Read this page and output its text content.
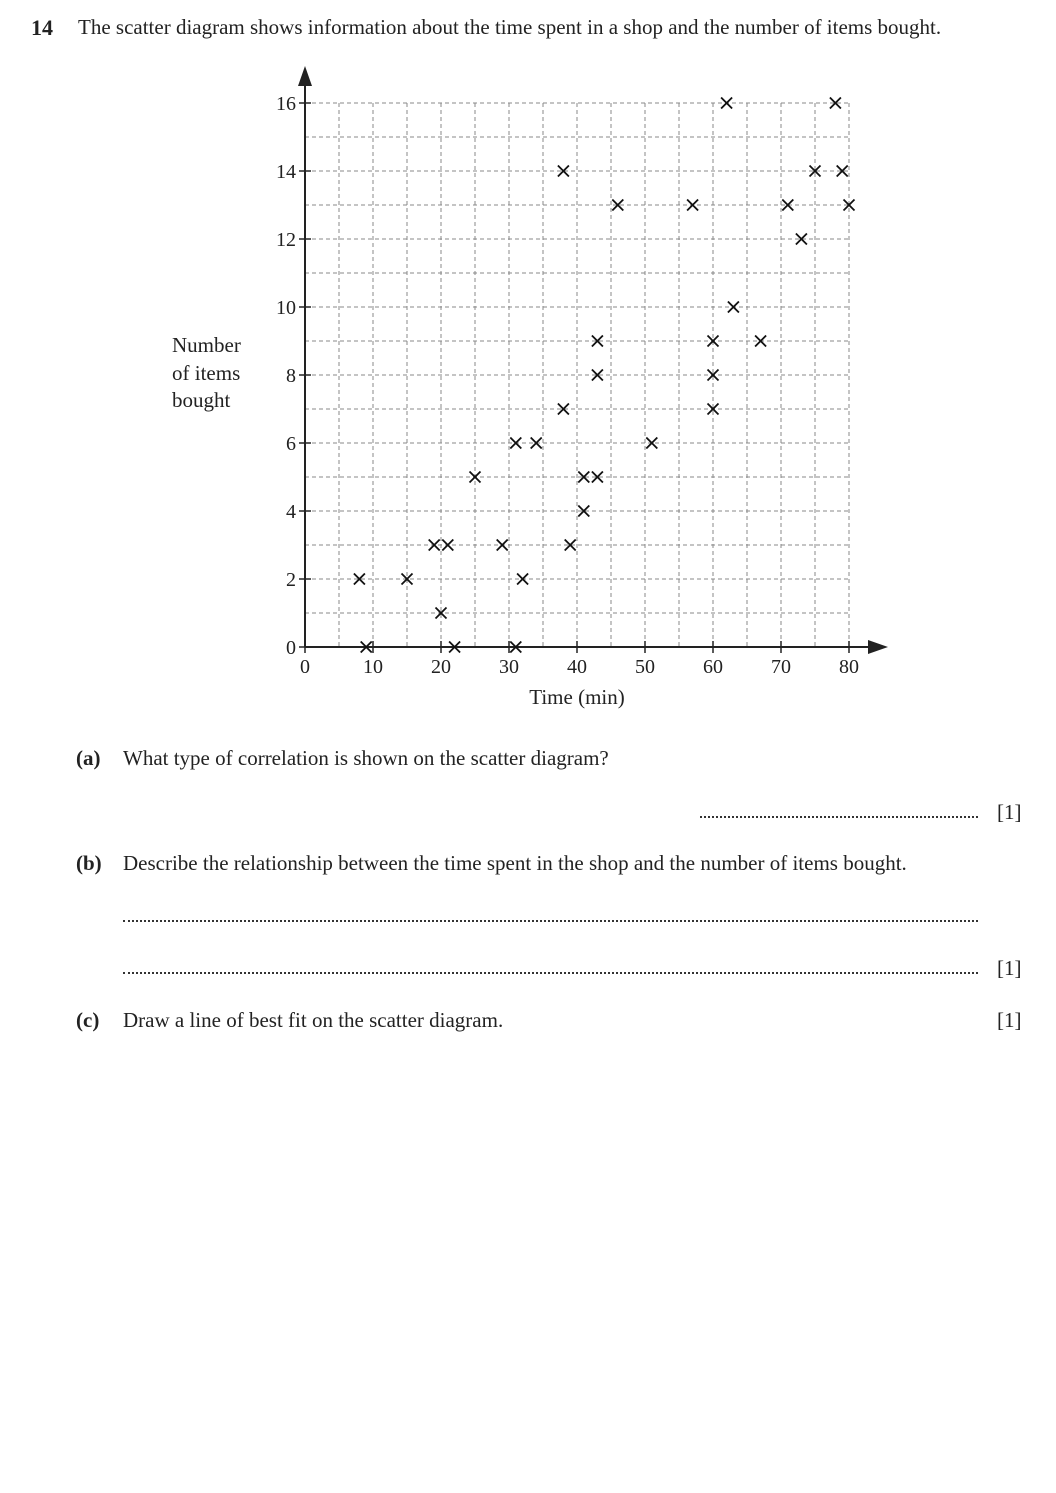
14 The scatter diagram shows information about the time spent in a shop and the number of items bought.
Number
of items
bought
0	10 20 30 40 50 60 70 80
0
2
4
6
8
10
12
14
16
Time (min)
(a) What type of correlation is shown on the scatter diagram?
[1]
(b) Describe the relationship between the time spent in the shop and the number of items bought.
[1]
(c) Draw a line of best fit on the scatter diagram.	[1]
